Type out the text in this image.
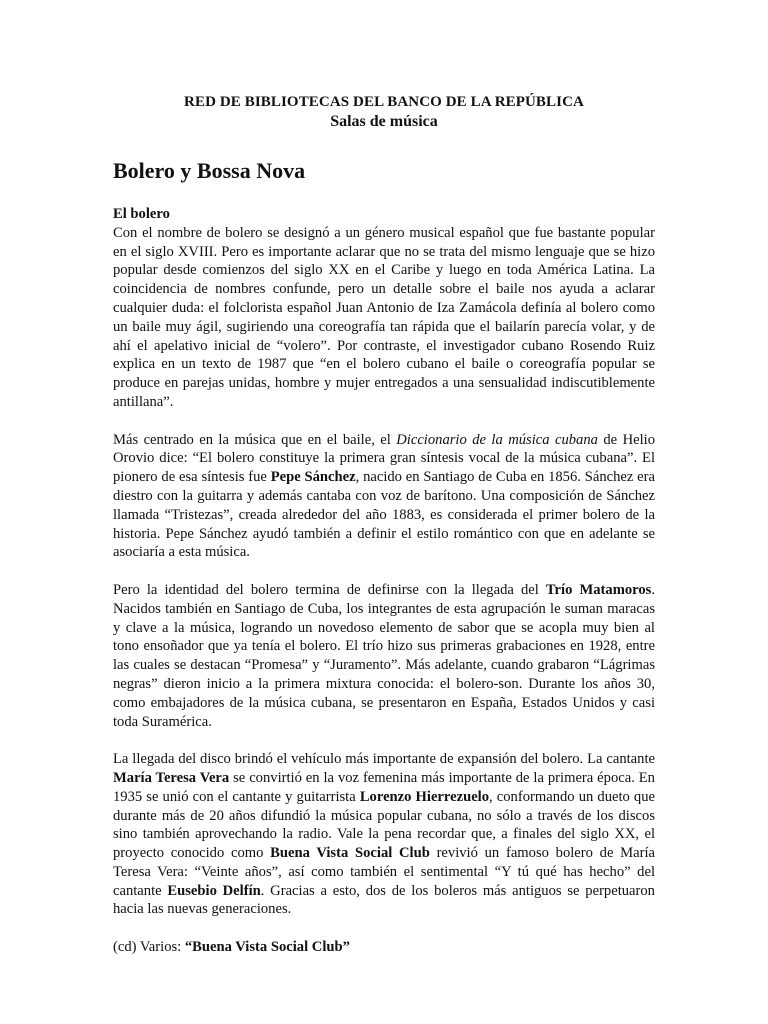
RED DE BIBLIOTECAS DEL BANCO DE LA REPÚBLICA
Salas de música
Bolero y Bossa Nova

El bolero

Con el nombre de bolero se designó a un género musical español que fue bastante popular en el siglo XVIII. Pero es importante aclarar que no se trata del mismo lenguaje que se hizo popular desde comienzos del siglo XX en el Caribe y luego en toda América Latina. La coincidencia de nombres confunde, pero un detalle sobre el baile nos ayuda a aclarar cualquier duda: el folclorista español Juan Antonio de Iza Zamácola definía al bolero como un baile muy ágil, sugiriendo una coreografía tan rápida que el bailarín parecía volar, y de ahí el apelativo inicial de “volero”. Por contraste, el investigador cubano Rosendo Ruiz explica en un texto de 1987 que “en el bolero cubano el baile o coreografía popular se produce en parejas unidas, hombre y mujer entregados a una sensualidad indiscutiblemente antillana”.

Más centrado en la música que en el baile, el Diccionario de la música cubana de Helio Orovio dice: “El bolero constituye la primera gran síntesis vocal de la música cubana”. El pionero de esa síntesis fue Pepe Sánchez, nacido en Santiago de Cuba en 1856. Sánchez era diestro con la guitarra y además cantaba con voz de barítono. Una composición de Sánchez llamada “Tristezas”, creada alrededor del año 1883, es considerada el primer bolero de la historia. Pepe Sánchez ayudó también a definir el estilo romántico con que en adelante se asociaría a esta música.

Pero la identidad del bolero termina de definirse con la llegada del Trío Matamoros. Nacidos también en Santiago de Cuba, los integrantes de esta agrupación le suman maracas y clave a la música, logrando un novedoso elemento de sabor que se acopla muy bien al tono ensoñador que ya tenía el bolero. El trío hizo sus primeras grabaciones en 1928, entre las cuales se destacan “Promesa” y “Juramento”. Más adelante, cuando grabaron “Lágrimas negras” dieron inicio a la primera mixtura conocida: el bolero-son. Durante los años 30, como embajadores de la música cubana, se presentaron en España, Estados Unidos y casi toda Suramérica.

La llegada del disco brindó el vehículo más importante de expansión del bolero. La cantante María Teresa Vera se convirtió en la voz femenina más importante de la primera época. En 1935 se unió con el cantante y guitarrista Lorenzo Hierrezuelo, conformando un dueto que durante más de 20 años difundió la música popular cubana, no sólo a través de los discos sino también aprovechando la radio. Vale la pena recordar que, a finales del siglo XX, el proyecto conocido como Buena Vista Social Club revivió un famoso bolero de María Teresa Vera: “Veinte años”, así como también el sentimental “Y tú qué has hecho” del cantante Eusebio Delfín. Gracias a esto, dos de los boleros más antiguos se perpetuaron hacia las nuevas generaciones.

(cd) Varios: “Buena Vista Social Club”
